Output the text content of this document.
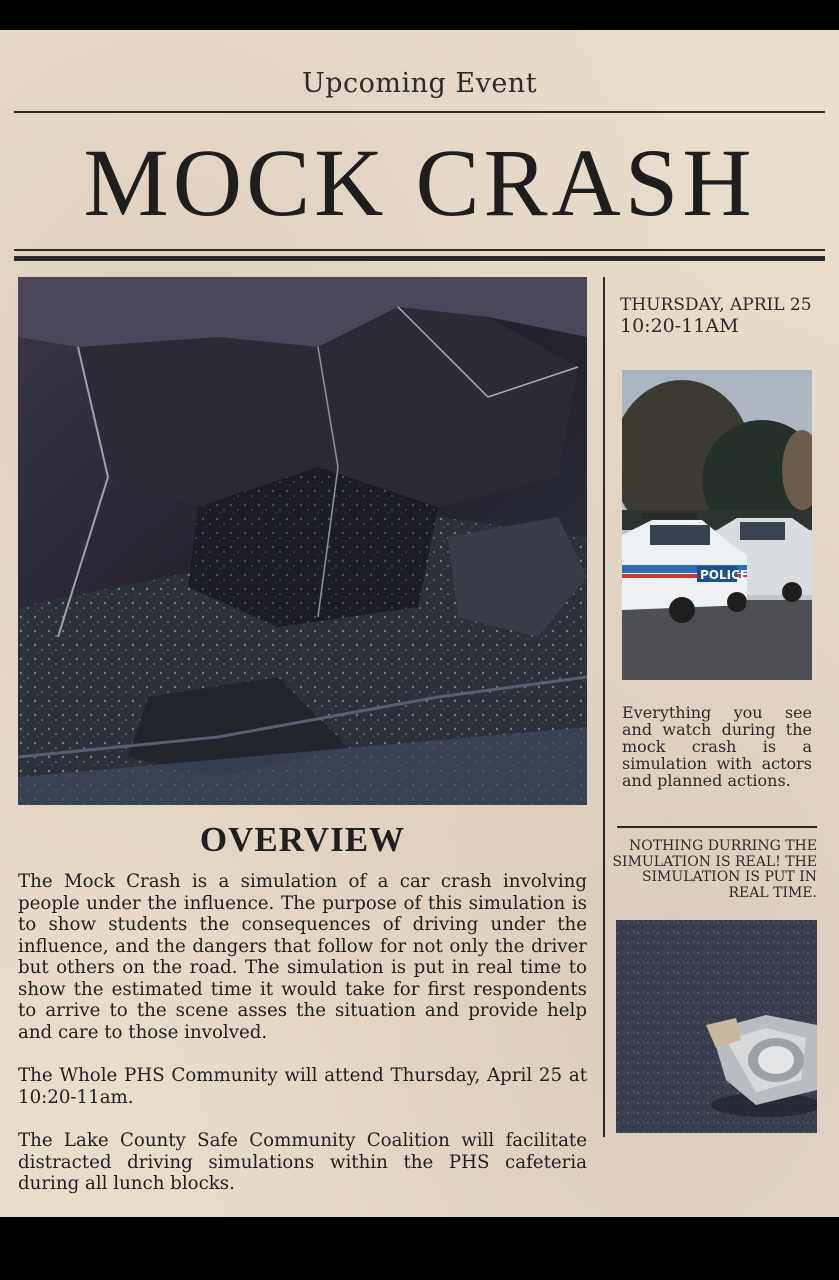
Upcoming Event
MOCK CRASH
THURSDAY, APRIL 25
10:20-11AM
POLICE
Everything you see and watch during the mock crash is a simulation with actors and planned actions.
NOTHING DURRING THE SIMULATION IS REAL! THE SIMULATION IS PUT IN REAL TIME.
OVERVIEW
The Mock Crash is a simulation of a car crash involving people under the influence. The purpose of this simulation is to show students the consequences of driving under the influence, and the dangers that follow for not only the driver but others on the road. The simulation is put in real time to show the estimated time it would take for first respondents to arrive to the scene asses the situation and provide help and care to those involved.
The Whole PHS Community will attend Thursday, April 25 at 10:20-11am.
The Lake County Safe Community Coalition will facilitate distracted driving simulations within the PHS cafeteria during all lunch blocks.
